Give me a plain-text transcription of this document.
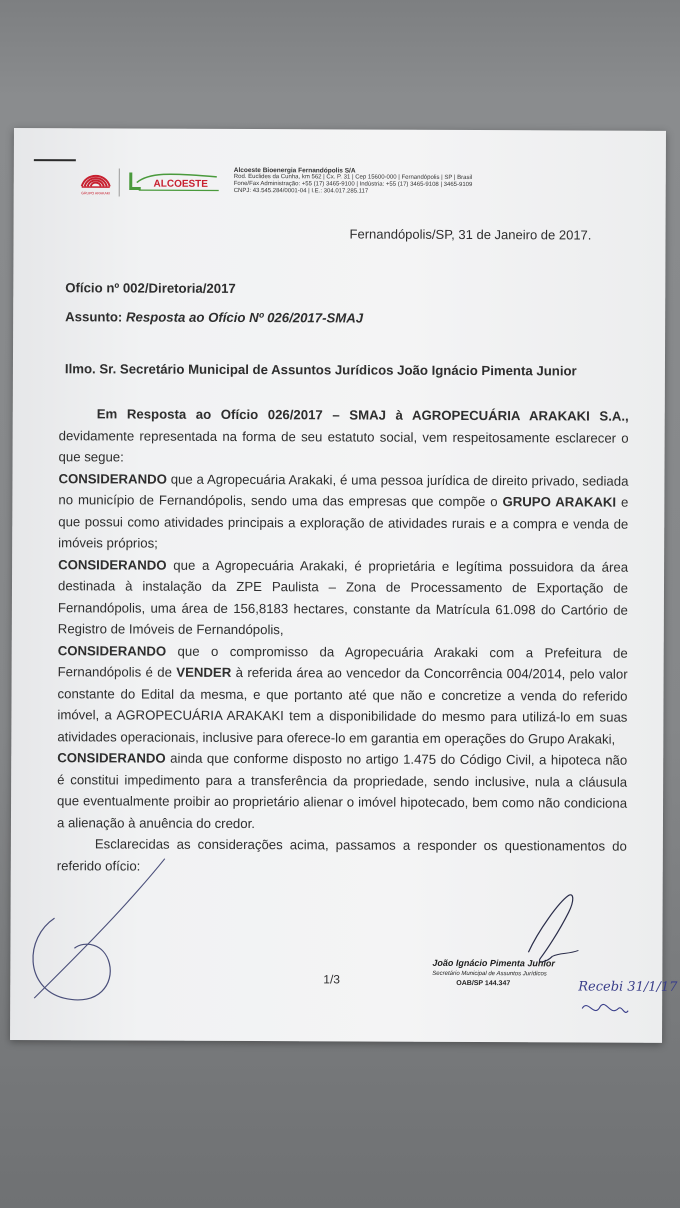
GRUPO ARAKAKI
ALCOESTE
Alcoeste Bioenergia Fernandópolis S/A
Rod. Euclides da Cunha, km 562 | Cx. P. 31 | Cep 15600-000 | Fernandópolis | SP | Brasil
Fone/Fax Administração: +55 (17) 3465-9100 | Indústria: +55 (17) 3465-9108 | 3465-9109
CNPJ: 43.545.284/0001-04 | I.E.: 304.017.285.117
Fernandópolis/SP, 31 de Janeiro de 2017.
Ofício nº 002/Diretoria/2017
Assunto: Resposta ao Ofício Nº 026/2017-SMAJ
Ilmo. Sr. Secretário Municipal de Assuntos Jurídicos João Ignácio Pimenta Junior

Em Resposta ao Ofício 026/2017 – SMAJ à AGROPECUÁRIA ARAKAKI S.A., devidamente representada na forma de seu estatuto social, vem respeitosamente esclarecer o que segue:

CONSIDERANDO que a Agropecuária Arakaki, é uma pessoa jurídica de direito privado, sediada no município de Fernandópolis, sendo uma das empresas que compõe o GRUPO ARAKAKI e que possui como atividades principais a exploração de atividades rurais e a compra e venda de imóveis próprios;

CONSIDERANDO que a Agropecuária Arakaki, é proprietária e legítima possuidora da área destinada à instalação da ZPE Paulista – Zona de Processamento de Exportação de Fernandópolis, uma área de 156,8183 hectares, constante da Matrícula 61.098 do Cartório de Registro de Imóveis de Fernandópolis,

CONSIDERANDO que o compromisso da Agropecuária Arakaki com a Prefeitura de Fernandópolis é de VENDER à referida área ao vencedor da Concorrência 004/2014, pelo valor constante do Edital da mesma, e que portanto até que não e concretize a venda do referido imóvel, a AGROPECUÁRIA ARAKAKI tem a disponibilidade do mesmo para utilizá-lo em suas atividades operacionais, inclusive para oferece-lo em garantia em operações do Grupo Arakaki,

CONSIDERANDO ainda que conforme disposto no artigo 1.475 do Código Civil, a hipoteca não é constitui impedimento para a transferência da propriedade, sendo inclusive, nula a cláusula que eventualmente proibir ao proprietário alienar o imóvel hipotecado, bem como não condiciona a alienação à anuência do credor.

Esclarecidas as considerações acima, passamos a responder os questionamentos do referido ofício:

1/3
João Ignácio Pimenta Junior
Secretário Municipal de Assuntos Jurídicos
OAB/SP 144.347	Recebi 31/1/17
